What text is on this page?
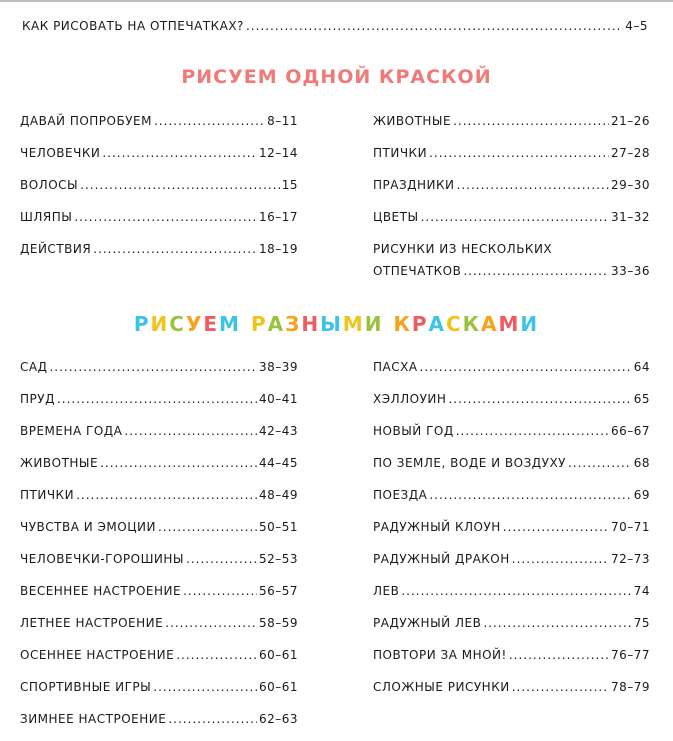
КАК РИСОВАТЬ НА ОТПЕЧАТКАХ? .....	4–5
РИСУЕМ ОДНОЙ КРАСКОЙ
ДАВАЙ ПОПРОБУЕМ .....	8–11
ЧЕЛОВЕЧКИ .....	12–14
ВОЛОСЫ .....	15
ШЛЯПЫ .....	16–17
ДЕЙСТВИЯ .....	18–19
ЖИВОТНЫЕ .....	21–26
ПТИЧКИ .....	27–28
ПРАЗДНИКИ .....	29–30
ЦВЕТЫ .....	31–32
РИСУНКИ ИЗ НЕСКОЛЬКИХ
ОТПЕЧАТКОВ .....	33–36
РИСУЕМ РАЗНЫМИ КРАСКАМИ
САД .....	38–39
ПРУД .....	40–41
ВРЕМЕНА ГОДА .....	42–43
ЖИВОТНЫЕ .....	44–45
ПТИЧКИ .....	48–49
ЧУВСТВА И ЭМОЦИИ .....	50–51
ЧЕЛОВЕЧКИ-ГОРОШИНЫ .....	52–53
ВЕСЕННЕЕ НАСТРОЕНИЕ .....	56–57
ЛЕТНЕЕ НАСТРОЕНИЕ .....	58–59
ОСЕННЕЕ НАСТРОЕНИЕ .....	60–61
СПОРТИВНЫЕ ИГРЫ .....	60–61
ЗИМНЕЕ НАСТРОЕНИЕ .....	62–63
ПАСХА .....	64
ХЭЛЛОУИН .....	65
НОВЫЙ ГОД .....	66–67
ПО ЗЕМЛЕ, ВОДЕ И ВОЗДУХУ .....	68
ПОЕЗДА .....	69
РАДУЖНЫЙ КЛОУН .....	70–71
РАДУЖНЫЙ ДРАКОН .....	72–73
ЛЕВ .....	74
РАДУЖНЫЙ ЛЕВ .....	75
ПОВТОРИ ЗА МНОЙ! .....	76–77
СЛОЖНЫЕ РИСУНКИ .....	78–79
